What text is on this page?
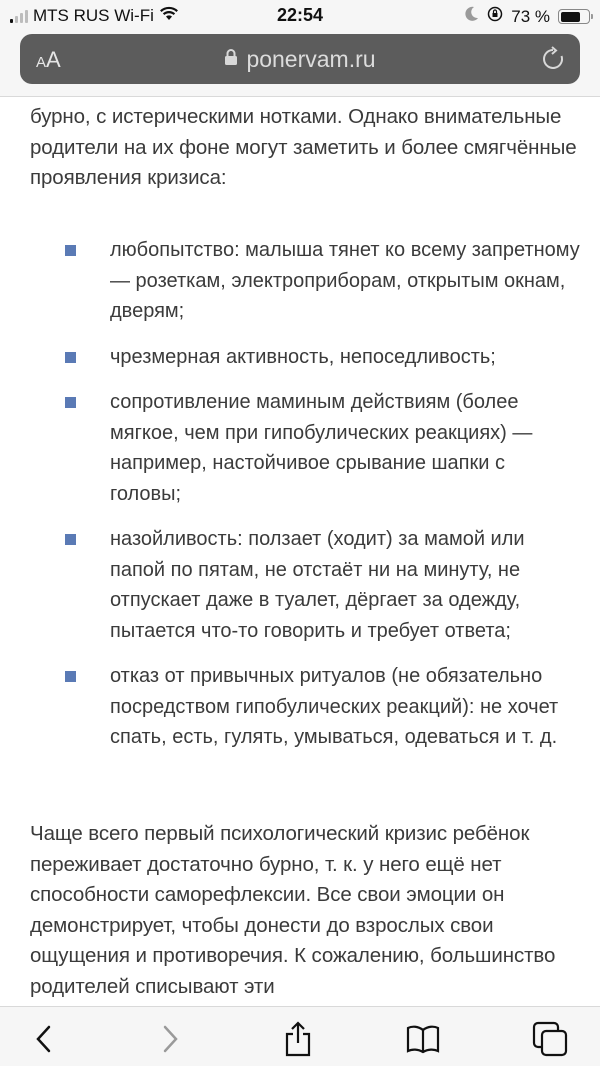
MTS RUS Wi-Fi	22:54	73 %
AA	ponervam.ru

бурно, с истерическими нотками. Однако внимательные родители на их фоне могут заметить и более смягчённые проявления кризиса:

любопытство: малыша тянет ко всему запретному — розеткам, электроприборам, открытым окнам, дверям;
чрезмерная активность, непоседливость;
сопротивление маминым действиям (более мягкое, чем при гипобулических реакциях) — например, настойчивое срывание шапки с головы;
назойливость: ползает (ходит) за мамой или папой по пятам, не отстаёт ни на минуту, не отпускает даже в туалет, дёргает за одежду, пытается что-то говорить и требует ответа;
отказ от привычных ритуалов (не обязательно посредством гипобулических реакций): не хочет спать, есть, гулять, умываться, одеваться и т. д.

Чаще всего первый психологический кризис ребёнок переживает достаточно бурно, т. к. у него ещё нет способности саморефлексии. Все свои эмоции он демонстрирует, чтобы донести до взрослых свои ощущения и противоречия. К сожалению, большинство родителей списывают эти
